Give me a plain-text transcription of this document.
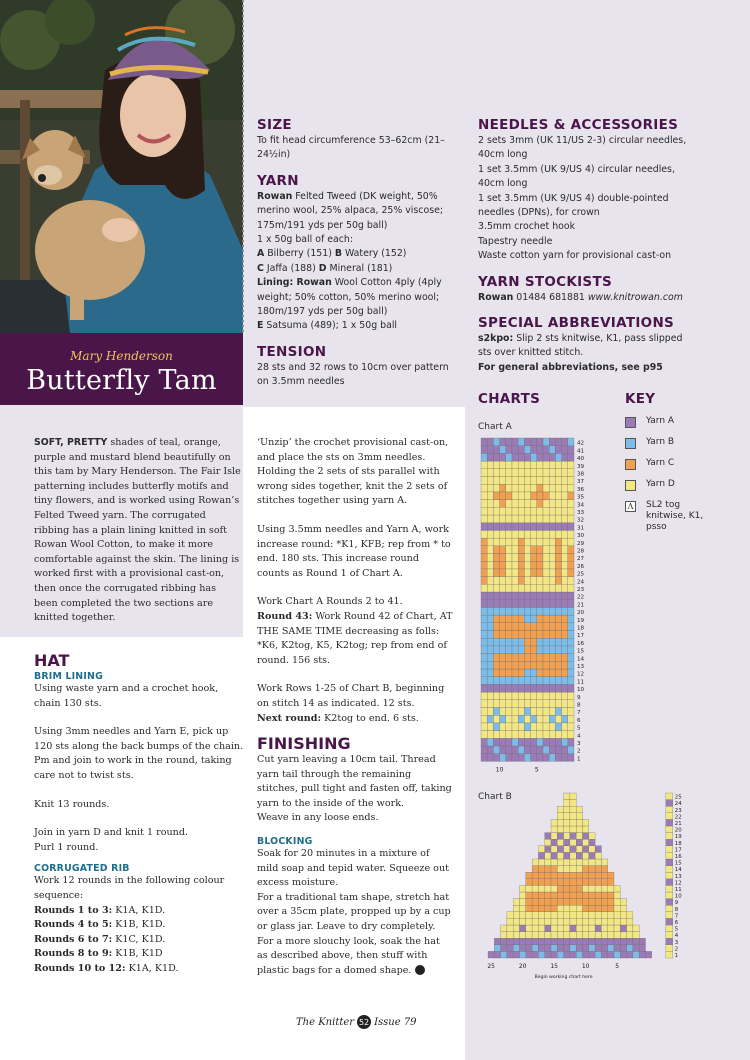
Mary Henderson
Butterfly Tam
SOFT, PRETTY shades of teal, orange, purple and mustard blend beautifully on this tam by Mary Henderson. The Fair Isle patterning includes butterfly motifs and tiny flowers, and is worked using Rowan’s Felted Tweed yarn. The corrugated ribbing has a plain lining knitted in soft Rowan Wool Cotton, to make it more comfortable against the skin. The lining is worked first with a provisional cast-on, then once the corrugated ribbing has been completed the two sections are knitted together.
HAT
BRIM LINING

Using waste yarn and a crochet hook, chain 130 sts.

Using 3mm needles and Yarn E, pick up 120 sts along the back bumps of the chain. Pm and join to work in the round, taking care not to twist sts.

Knit 13 rounds.

Join in yarn D and knit 1 round.

Purl 1 round.

CORRUGATED RIB

Work 12 rounds in the following colour sequence:

Rounds 1 to 3: K1A, K1D.

Rounds 4 to 5: K1B, K1D.

Rounds 6 to 7: K1C, K1D.

Rounds 8 to 9: K1B, K1D

Rounds 10 to 12: K1A, K1D.

‘Unzip’ the crochet provisional cast-on, and place the sts on 3mm needles. Holding the 2 sets of sts parallel with wrong sides together, knit the 2 sets of stitches together using yarn A.

Using 3.5mm needles and Yarn A, work increase round: *K1, KFB; rep from * to end. 180 sts. This increase round counts as Round 1 of Chart A.

Work Chart A Rounds 2 to 41.

Round 43: Work Round 42 of Chart, AT THE SAME TIME decreasing as folls: *K6, K2tog, K5, K2tog; rep from end of round. 156 sts.

Work Rows 1-25 of Chart B, beginning on stitch 14 as indicated. 12 sts.

Next round: K2tog to end. 6 sts.

FINISHING

Cut yarn leaving a 10cm tail. Thread yarn tail through the remaining stitches, pull tight and fasten off, taking yarn to the inside of the work.

Weave in any loose ends.

BLOCKING

Soak for 20 minutes in a mixture of mild soap and tepid water. Squeeze out excess moisture.

For a traditional tam shape, stretch hat over a 35cm plate, propped up by a cup or glass jar. Leave to dry completely. For a more slouchy look, soak the hat as described above, then stuff with plastic bags for a domed shape.

SIZE

To fit head circumference 53–62cm (21–24½in)

YARN

Rowan Felted Tweed (DK weight, 50% merino wool, 25% alpaca, 25% viscose; 175m/191 yds per 50g ball)

1 x 50g ball of each:

A Bilberry (151) B Watery (152)

C Jaffa (188) D Mineral (181)

Lining: Rowan Wool Cotton 4ply (4ply weight; 50% cotton, 50% merino wool; 180m/197 yds per 50g ball)

E Satsuma (489); 1 x 50g ball

TENSION

28 sts and 32 rows to 10cm over pattern on 3.5mm needles

NEEDLES & ACCESSORIES

2 sets 3mm (UK 11/US 2-3) circular needles, 40cm long

1 set 3.5mm (UK 9/US 4) circular needles, 40cm long

1 set 3.5mm (UK 9/US 4) double-pointed needles (DPNs), for crown

3.5mm crochet hook

Tapestry needle

Waste cotton yarn for provisional cast-on

YARN STOCKISTS

Rowan 01484 681881 www.knitrowan.com

SPECIAL ABBREVIATIONS

s2kpo: Slip 2 sts knitwise, K1, pass slipped sts over knitted stitch.

For general abbreviations, see p95

CHARTS
Chart A
Chart B
KEY
Yarn A
Yarn B
Yarn C
Yarn D
Λ SL2 tog knitwise, K1, psso
1
2
3
4
5
6
7
8
9
10
11
12
13
14
15
16
17
18
19
20
21
22
23
24
25
26
27
28
29
30
31
32
33
34
35
36
37
38
39
40
41
42
10	5
1
2
3
4
5
6
7
8
9
10
11
12
13
14
15
16
17
18
19
20
21
22
23
24
25
25	20	15	10	5
Begin working chart here
The Knitter 52 Issue 79
